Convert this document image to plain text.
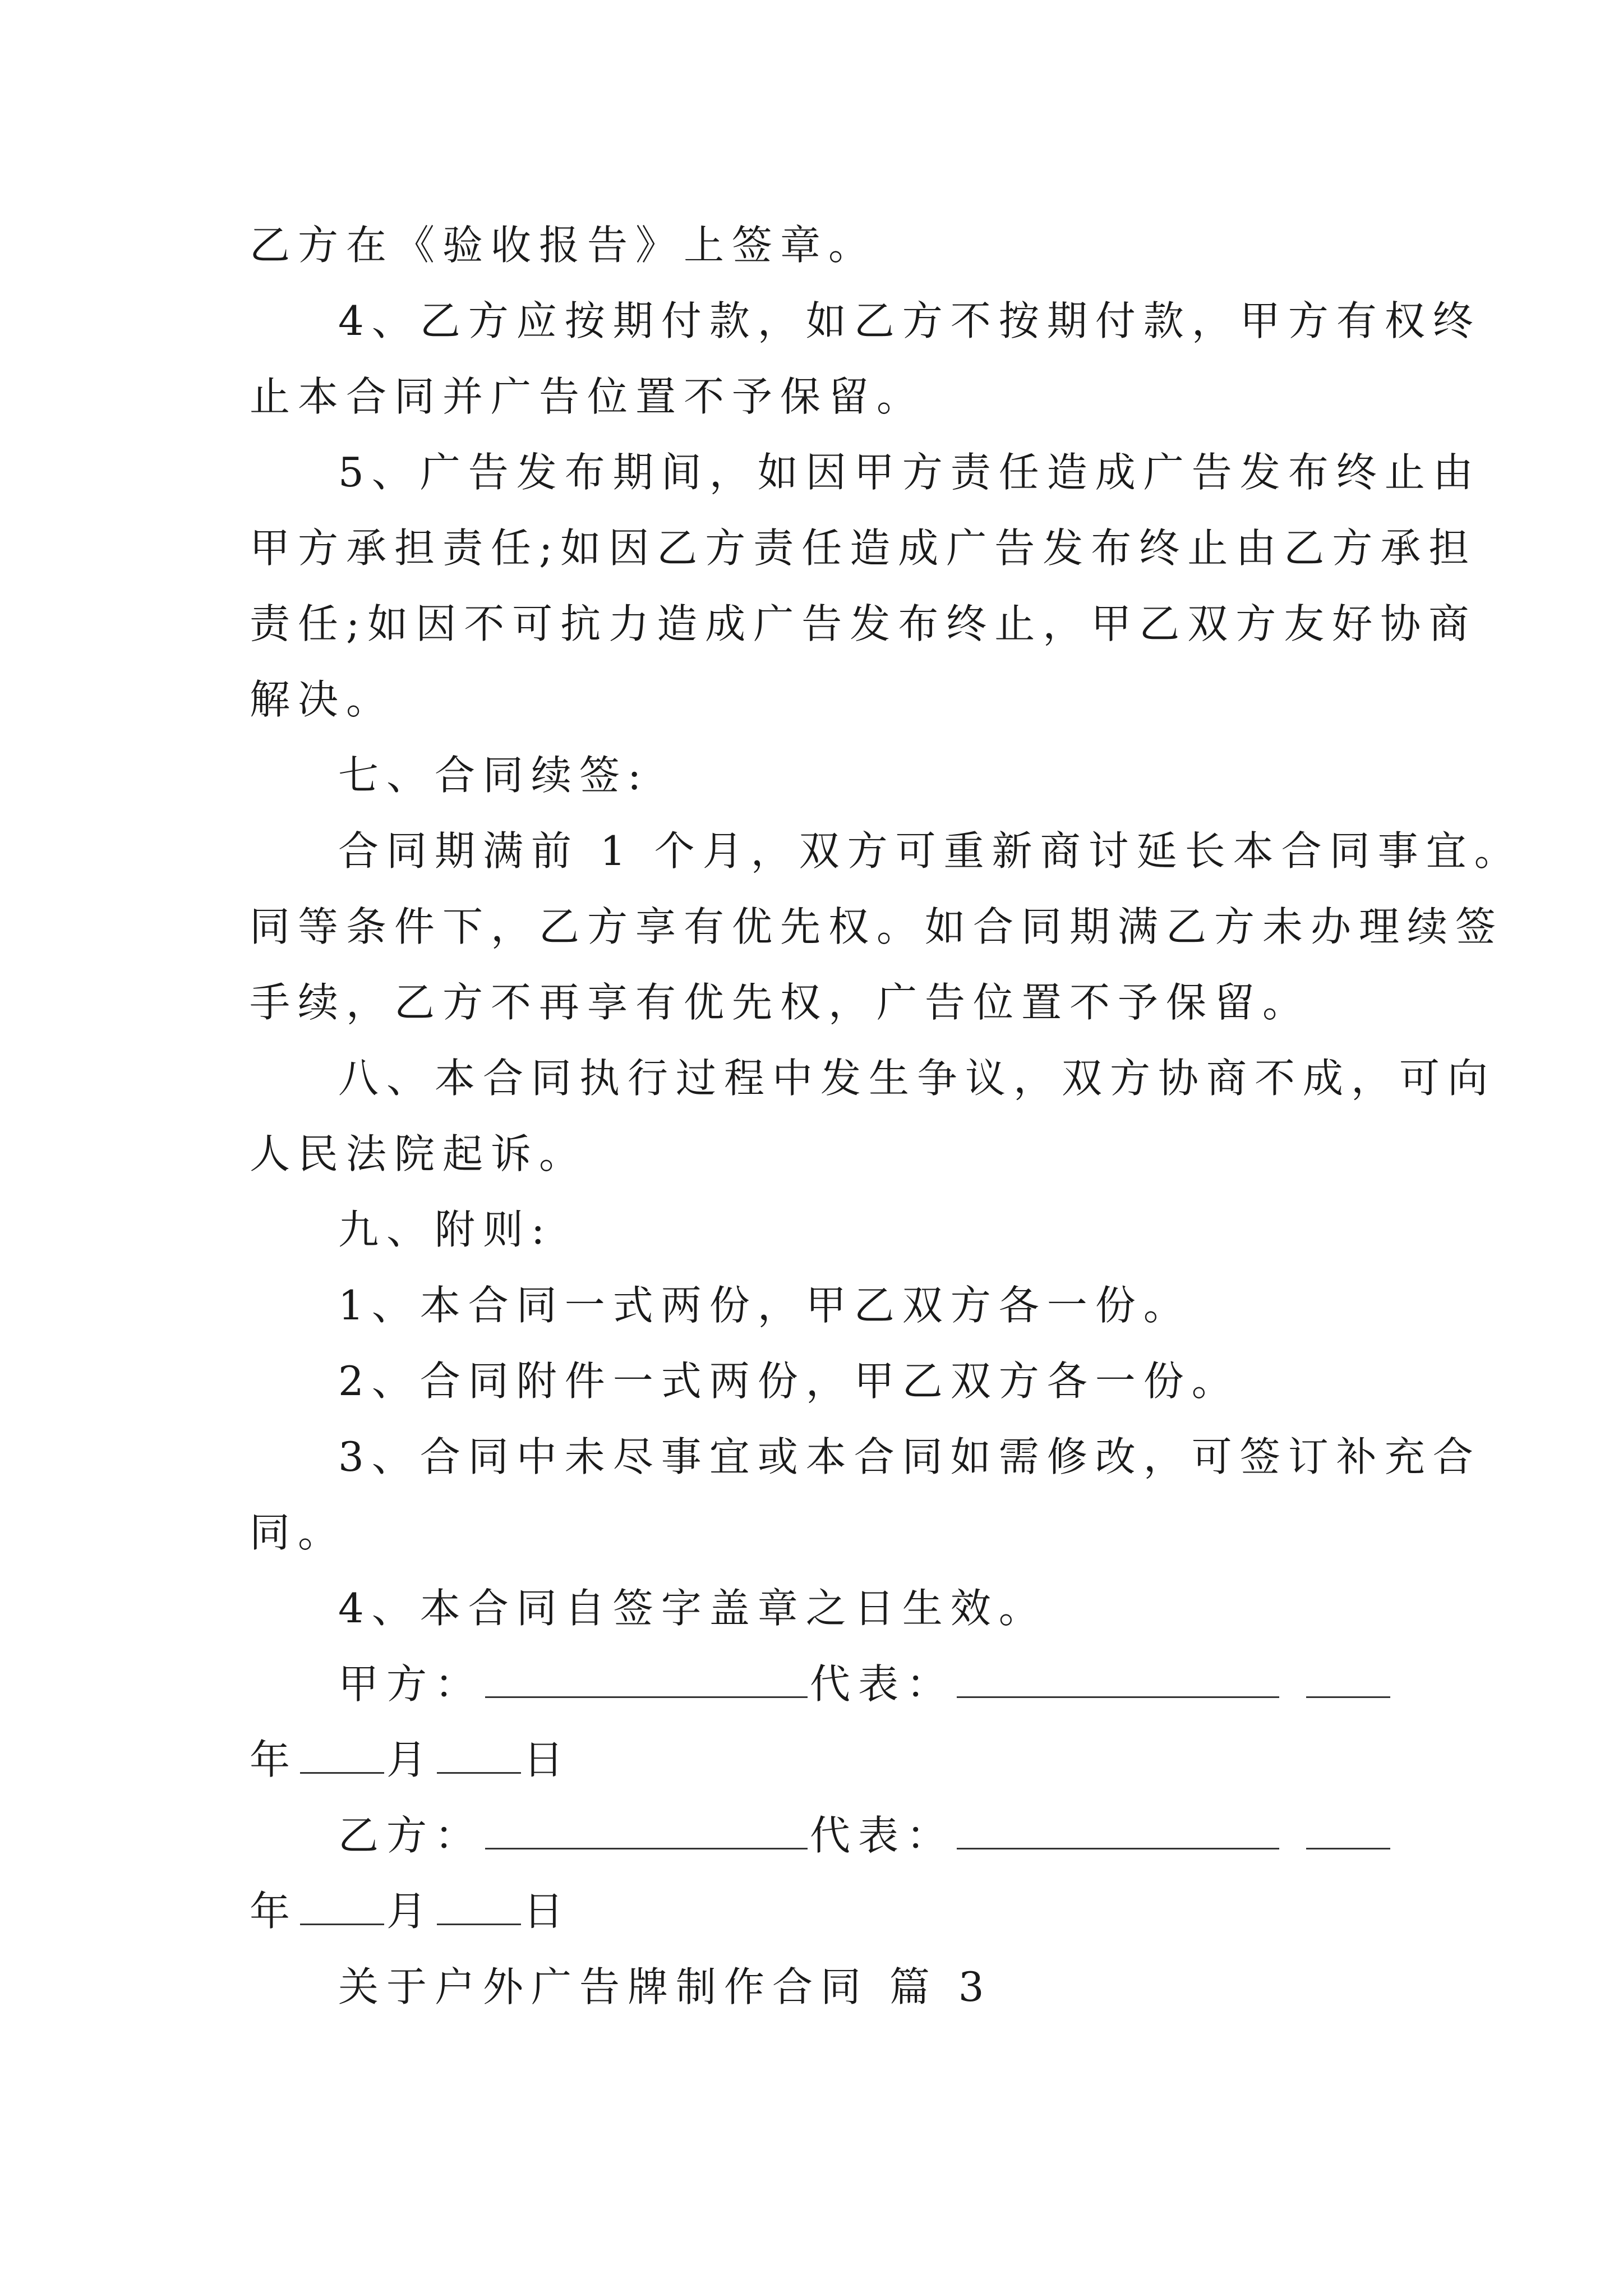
乙方在《验收报告》上签章。
4、乙方应按期付款，如乙方不按期付款，甲方有权终
止本合同并广告位置不予保留。
5、广告发布期间，如因甲方责任造成广告发布终止由
甲方承担责任;如因乙方责任造成广告发布终止由乙方承担
责任;如因不可抗力造成广告发布终止，甲乙双方友好协商
解决。
七、合同续签:
合同期满前 1 个月，双方可重新商讨延长本合同事宜。
同等条件下，乙方享有优先权。如合同期满乙方未办理续签
手续，乙方不再享有优先权，广告位置不予保留。
八、本合同执行过程中发生争议，双方协商不成，可向
人民法院起诉。
九、附则:
1、本合同一式两份，甲乙双方各一份。
2、合同附件一式两份，甲乙双方各一份。
3、合同中未尽事宜或本合同如需修改，可签订补充合
同。
4、本合同自签字盖章之日生效。
甲方：	代表：
年 月 日
乙方：	代表：
年 月 日
关于户外广告牌制作合同 篇 3
